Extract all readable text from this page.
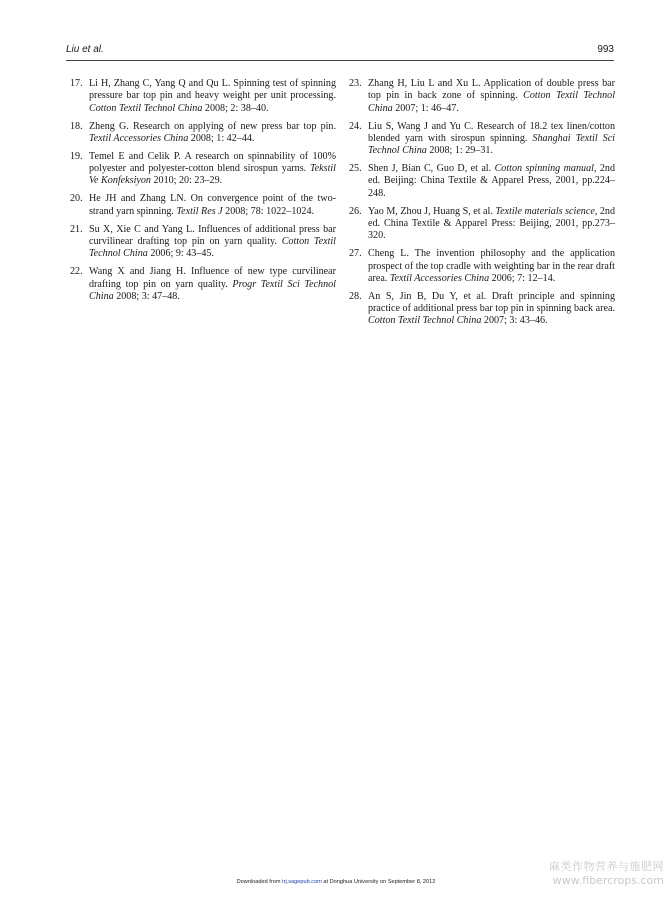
Liu et al.	993
17. Li H, Zhang C, Yang Q and Qu L. Spinning test of spinning pressure bar top pin and heavy weight per unit processing. Cotton Textil Technol China 2008; 2: 38–40.
18. Zheng G. Research on applying of new press bar top pin. Textil Accessories China 2008; 1: 42–44.
19. Temel E and Celik P. A research on spinnability of 100% polyester and polyester-cotton blend sirospun yarns. Tekstil Ve Konfeksiyon 2010; 20: 23–29.
20. He JH and Zhang LN. On convergence point of the two-strand yarn spinning. Textil Res J 2008; 78: 1022–1024.
21. Su X, Xie C and Yang L. Influences of additional press bar curvilinear drafting top pin on yarn quality. Cotton Textil Technol China 2006; 9: 43–45.
22. Wang X and Jiang H. Influence of new type curvilinear drafting top pin on yarn quality. Progr Textil Sci Technol China 2008; 3: 47–48.
23. Zhang H, Liu L and Xu L. Application of double press bar top pin in back zone of spinning. Cotton Textil Technol China 2007; 1: 46–47.
24. Liu S, Wang J and Yu C. Research of 18.2 tex linen/cotton blended yarn with sirospun spinning. Shanghai Textil Sci Technol China 2008; 1: 29–31.
25. Shen J, Bian C, Guo D, et al. Cotton spinning manual, 2nd ed. Beijing: China Textile & Apparel Press, 2001, pp.224–248.
26. Yao M, Zhou J, Huang S, et al. Textile materials science, 2nd ed. China Textile & Apparel Press: Beijing, 2001, pp.273–320.
27. Cheng L. The invention philosophy and the application prospect of the top cradle with weighting bar in the rear draft area. Textil Accessories China 2006; 7: 12–14.
28. An S, Jin B, Du Y, et al. Draft principle and spinning practice of additional press bar top pin in spinning back area. Cotton Textil Technol China 2007; 3: 43–46.
Downloaded from trj.sagepub.com at Donghua University on September 8, 2012
麻类作物营养与施肥网
www.fibercrops.com
